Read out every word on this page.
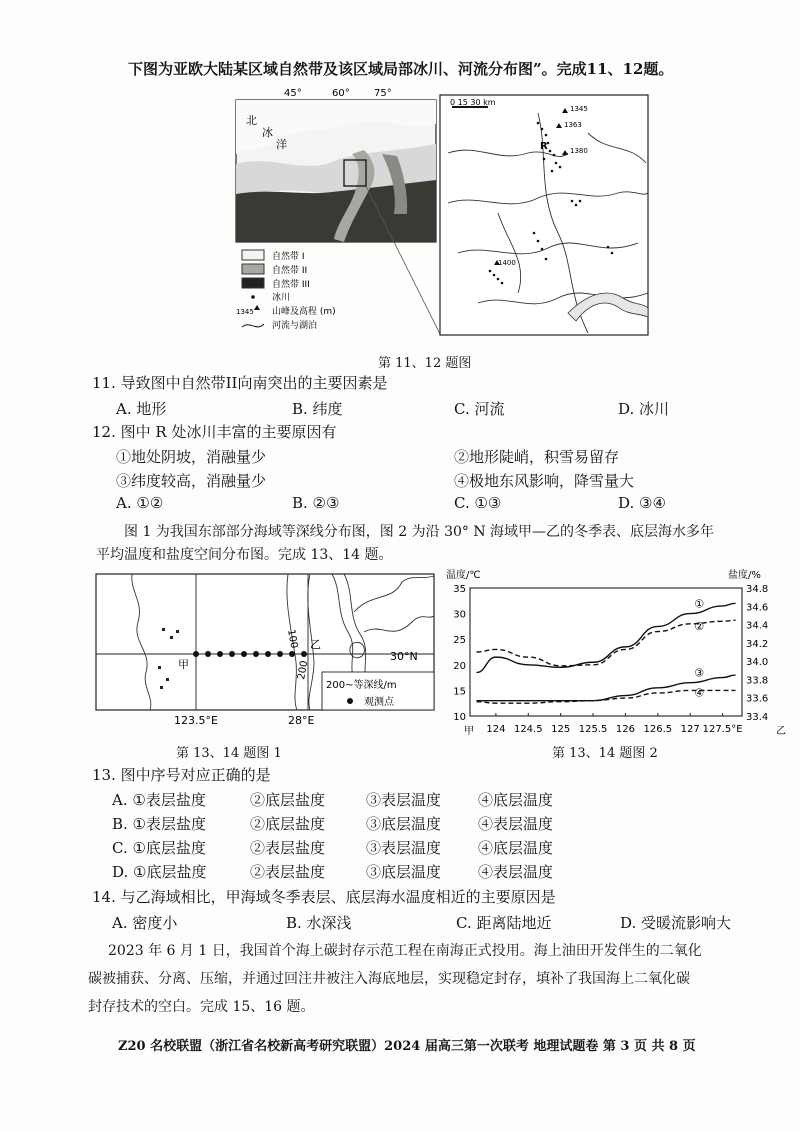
下图为亚欧大陆某区域自然带及该区域局部冰川、河流分布图”。完成11、12题。
45°	60° 75°
北
冰
洋
自然带 I
自然带 II
自然带 III
冰川
1345 山峰及高程 (m)
河流与湖泊
0 15 30 km
1345
1363
1380
1400
R
第 11、12 题图
11. 导致图中自然带II向南突出的主要因素是
A. 地形	B. 纬度	C. 河流	D. 冰川
12. 图中 R 处冰川丰富的主要原因有
①地处阴坡，消融量少	②地形陡峭，积雪易留存
③纬度较高，消融量少	④极地东风影响，降雪量大
A. ①②	B. ②③	C. ①③	D. ③④
图 1 为我国东部部分海域等深线分布图，图 2 为沿 30° N 海域甲—乙的冬季表、底层海水多年
平均温度和盐度空间分布图。完成 13、14 题。
100
200
甲
乙
30°N
200~等深线/m
观测点
123.5°E	28°E
第 13、14 题图 1
温度/℃	盐度/%
35
30
25
20
15
10
34.8
34.6
34.4
34.2
34.0
33.8
33.6
33.4
124 124.5 125 125.5 126 126.5 127 127.5°E
①
②
③
④
甲	乙
第 13、14 题图 2
13. 图中序号对应正确的是
A. ①表层盐度	②底层盐度	③表层温度 ④底层温度
B. ①表层盐度	②底层盐度	③底层温度 ④表层温度
C. ①底层盐度	②表层盐度	③表层温度 ④底层温度
D. ①底层盐度	②表层盐度	③底层温度 ④表层温度
14. 与乙海域相比，甲海域冬季表层、底层海水温度相近的主要原因是
A. 密度小	B. 水深浅	C. 距离陆地近	D. 受暖流影响大
2023 年 6 月 1 日，我国首个海上碳封存示范工程在南海正式投用。海上油田开发伴生的二氧化
碳被捕获、分离、压缩，并通过回注井被注入海底地层，实现稳定封存，填补了我国海上二氧化碳
封存技术的空白。完成 15、16 题。
Z20 名校联盟（浙江省名校新高考研究联盟）2024 届高三第一次联考 地理试题卷 第 3 页 共 8 页
